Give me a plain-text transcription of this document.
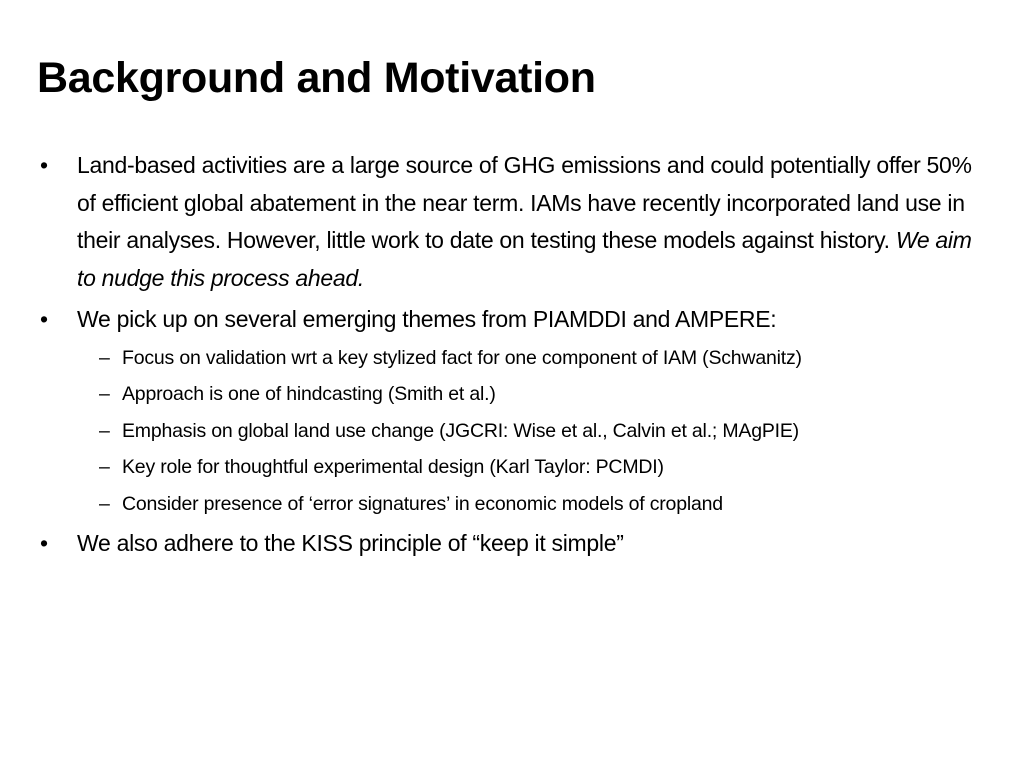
Background and Motivation
• Land-based activities are a large source of GHG emissions and could potentially offer 50% of efficient global abatement in the near term. IAMs have recently incorporated land use in their analyses. However, little work to date on testing these models against history. We aim to nudge this process ahead.
• We pick up on several emerging themes from PIAMDDI and AMPERE:
– Focus on validation wrt a key stylized fact for one component of IAM (Schwanitz)
– Approach is one of hindcasting (Smith et al.)
– Emphasis on global land use change (JGCRI: Wise et al., Calvin et al.; MAgPIE)
– Key role for thoughtful experimental design (Karl Taylor: PCMDI)
– Consider presence of ‘error signatures’ in economic models of cropland
• We also adhere to the KISS principle of “keep it simple”
